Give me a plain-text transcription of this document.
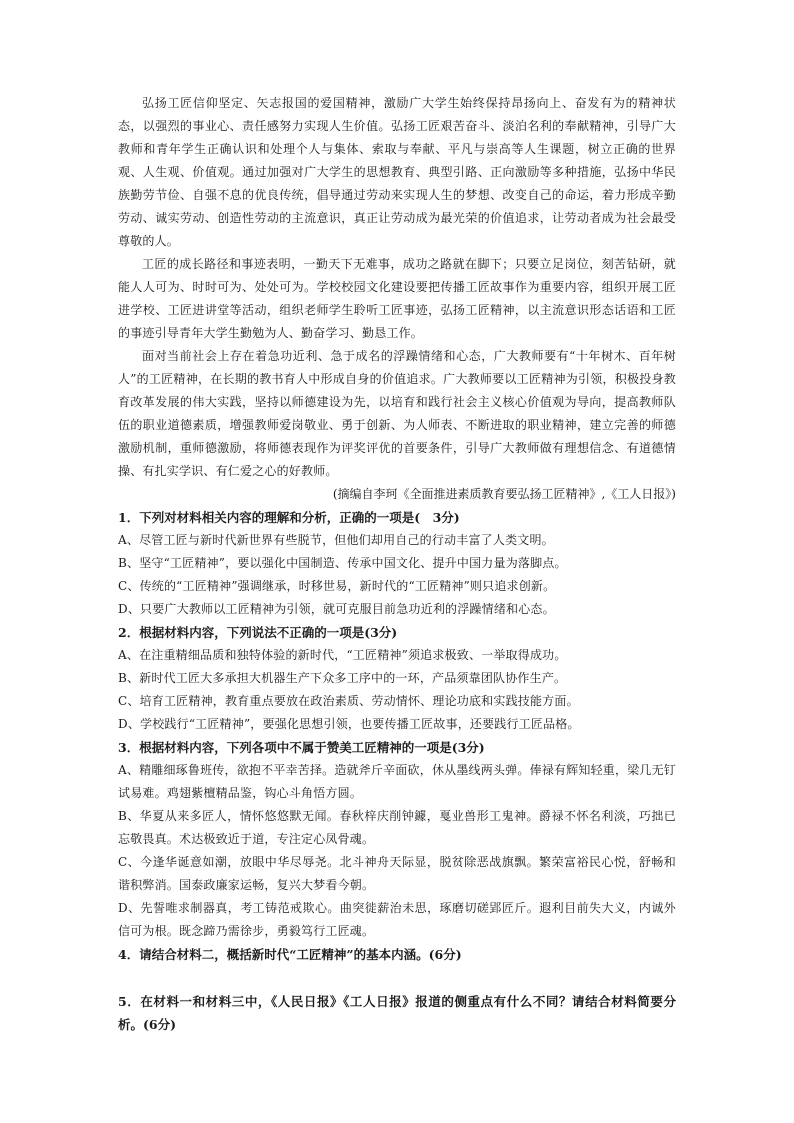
弘扬工匠信仰坚定、矢志报国的爱国精神，激励广大学生始终保持昂扬向上、奋发有为的精神状态，以强烈的事业心、责任感努力实现人生价值。弘扬工匠艰苦奋斗、淡泊名利的奉献精神，引导广大教师和青年学生正确认识和处理个人与集体、索取与奉献、平凡与崇高等人生课题，树立正确的世界观、人生观、价值观。通过加强对广大学生的思想教育、典型引路、正向激励等多种措施，弘扬中华民族勤劳节俭、自强不息的优良传统，倡导通过劳动来实现人生的梦想、改变自己的命运，着力形成辛勤劳动、诚实劳动、创造性劳动的主流意识，真正让劳动成为最光荣的价值追求，让劳动者成为社会最受尊敬的人。

工匠的成长路径和事迹表明，一勤天下无难事，成功之路就在脚下；只要立足岗位，刻苦钻研，就能人人可为、时时可为、处处可为。学校校园文化建设要把传播工匠故事作为重要内容，组织开展工匠进学校、工匠进讲堂等活动，组织老师学生聆听工匠事迹，弘扬工匠精神，以主流意识形态话语和工匠的事迹引导青年大学生勤勉为人、勤奋学习、勤恳工作。

面对当前社会上存在着急功近利、急于成名的浮躁情绪和心态，广大教师要有“十年树木、百年树人”的工匠精神，在长期的教书育人中形成自身的价值追求。广大教师要以工匠精神为引领，积极投身教育改革发展的伟大实践，坚持以师德建设为先，以培育和践行社会主义核心价值观为导向，提高教师队伍的职业道德素质，增强教师爱岗敬业、勇于创新、为人师表、不断进取的职业精神，建立完善的师德激励机制，重师德激励，将师德表现作为评奖评优的首要条件，引导广大教师做有理想信念、有道德情操、有扎实学识、有仁爱之心的好教师。

(摘编自李珂《全面推进素质教育要弘扬工匠精神》,《工人日报》)

1．下列对材料相关内容的理解和分析，正确的一项是(　3分)

A、尽管工匠与新时代新世界有些脱节，但他们却用自己的行动丰富了人类文明。

B、坚守“工匠精神”，要以强化中国制造、传承中国文化、提升中国力量为落脚点。

C、传统的“工匠精神”强调继承，时移世易，新时代的“工匠精神”则只追求创新。

D、只要广大教师以工匠精神为引领，就可克服目前急功近利的浮躁情绪和心态。

2．根据材料内容，下列说法不正确的一项是(3分)

A、在注重精细品质和独特体验的新时代，“工匠精神”须追求极致、一举取得成功。

B、新时代工匠大多承担大机器生产下众多工序中的一环，产品须靠团队协作生产。

C、培育工匠精神，教育重点要放在政治素质、劳动情怀、理论功底和实践技能方面。

D、学校践行“工匠精神”，要强化思想引领，也要传播工匠故事，还要践行工匠品格。

3．根据材料内容，下列各项中不属于赞美工匠精神的一项是(3分)

A、精雕细琢鲁班传，欲抱不平幸苦择。造就斧斤辛面砍，休从墨线两头弹。俸禄有辉知轻重，梁几无钉试易难。鸡翅紫檀精品鉴，钩心斗角悟方圆。

B、华夏从来多匠人，情怀悠悠默无闻。春秋梓庆削钟鐻，戛业兽形工鬼神。爵禄不怀名利淡，巧拙已忘敬畏真。术达极致近于道，专注定心凤骨魂。

C、今逢华诞意如潮，放眼中华尽辱尧。北斗神舟天际显，脱贫除恶战旗飘。繁荣富裕民心悦，舒畅和谐积弊消。国泰政廉家运畅，复兴大梦看今朝。

D、先誓唯求制器真，考工铸范戒欺心。曲突徙薪治未思，琢磨切磋郢匠斤。遐利目前失大义，内诚外信可为根。既念蹄乃需徐步，勇毅笃行工匠魂。

4．请结合材料二，概括新时代“工匠精神”的基本内涵。(6分)

5．在材料一和材料三中，《人民日报》《工人日报》报道的侧重点有什么不同？请结合材料简要分析。(6分)
